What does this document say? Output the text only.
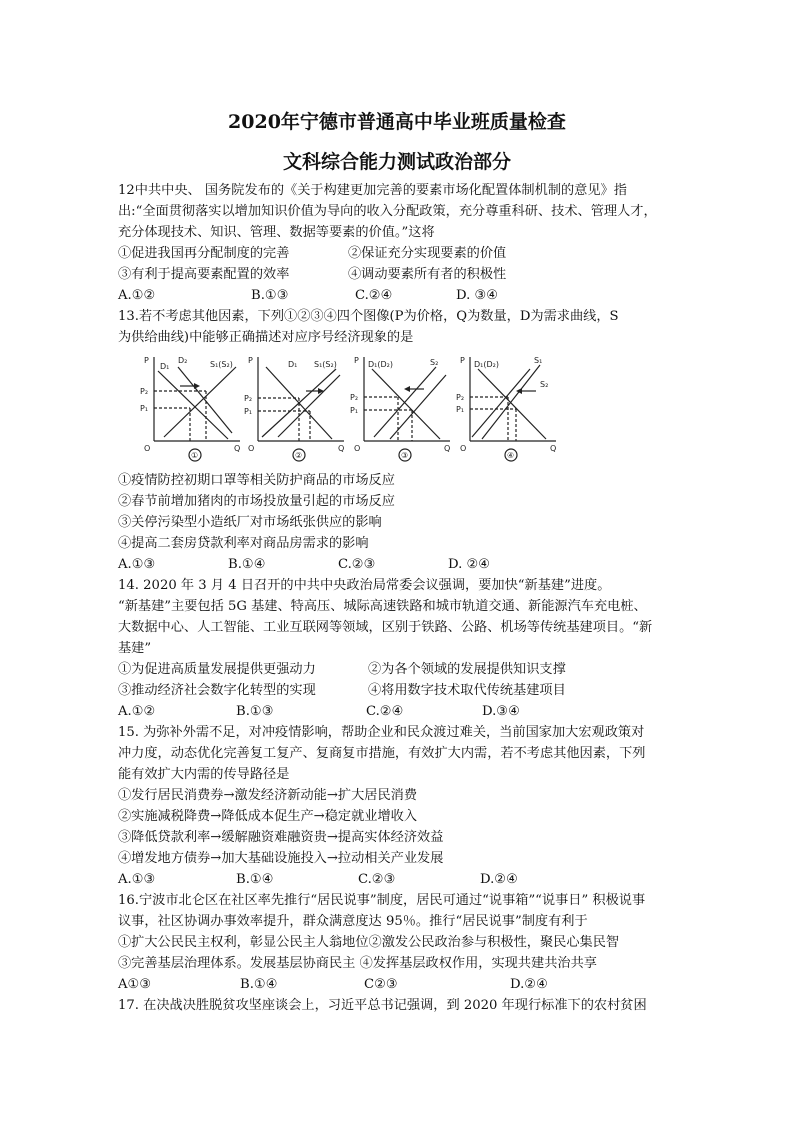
2020年宁德市普通高中毕业班质量检查
文科综合能力测试政治部分
12中共中央、 国务院发布的《关于构建更加完善的要素市场化配置体制机制的意见》指
出:“全面贯彻落实以增加知识价值为导向的收入分配政策，充分尊重科研、技术、管理人才，
充分体现技术、知识、管理、数据等要素的价值。”这将
①促进我国再分配制度的完善	②保证充分实现要素的价值
③有利于提高要素配置的效率	④调动要素所有者的积极性
A.①②	B.①③	C.②④	D. ③④
13.若不考虑其他因素，下列①②③④四个图像(P为价格，Q为数量，D为需求曲线，S
为供给曲线)中能够正确描述对应序号经济现象的是
P
P₂
P₁
O	Q
D₁
D₂	S₁(S₂)
①
P
P₂
P₁
O	Q
D₁ S₁(S₂)
②
P
P₂
P₁
O	Q
D₁(D₂)	S₂
③
P
P₂
P₁
O	Q
D₁(D₂)	S₁
S₂
④
①疫情防控初期口罩等相关防护商品的市场反应
②春节前增加猪肉的市场投放量引起的市场反应
③关停污染型小造纸厂对市场纸张供应的影响
④提高二套房贷款利率对商品房需求的影响
A.①③	B.①④	C.②③	D. ②④
14. 2020 年 3 月 4 日召开的中共中央政治局常委会议强调，要加快“新基建”进度。
“新基建”主要包括 5G 基建、特高压、城际高速铁路和城市轨道交通、新能源汽车充电桩、
大数据中心、人工智能、工业互联网等领域，区别于铁路、公路、机场等传统基建项目。“新
基建”
①为促进高质量发展提供更强动力	②为各个领域的发展提供知识支撑
③推动经济社会数字化转型的实现	④将用数字技术取代传统基建项目
A.①②	B.①③	C.②④	D.③④
15. 为弥补外需不足，对冲疫情影响，帮助企业和民众渡过难关，当前国家加大宏观政策对
冲力度，动态优化完善复工复产、复商复市措施，有效扩大内需，若不考虑其他因素，下列
能有效扩大内需的传导路径是
①发行居民消费券→激发经济新动能→扩大居民消费
②实施减税降费→降低成本促生产→稳定就业增收入
③降低贷款利率→缓解融资难融资贵→提高实体经济效益
④增发地方债券→加大基础设施投入→拉动相关产业发展
A.①③	B.①④	C.②③	D.②④
16.宁波市北仑区在社区率先推行“居民说事”制度，居民可通过“说事箱”“说事日” 积极说事
议事，社区协调办事效率提升，群众满意度达 95％。推行“居民说事”制度有利于
①扩大公民民主权利，彰显公民主人翁地位②激发公民政治参与积极性，聚民心集民智
③完善基层治理体系。发展基层协商民主 ④发挥基层政权作用，实现共建共治共享
A①③	B.①④	C②③	D.②④
17. 在决战决胜脱贫攻坚座谈会上，习近平总书记强调，到 2020 年现行标准下的农村贫困
